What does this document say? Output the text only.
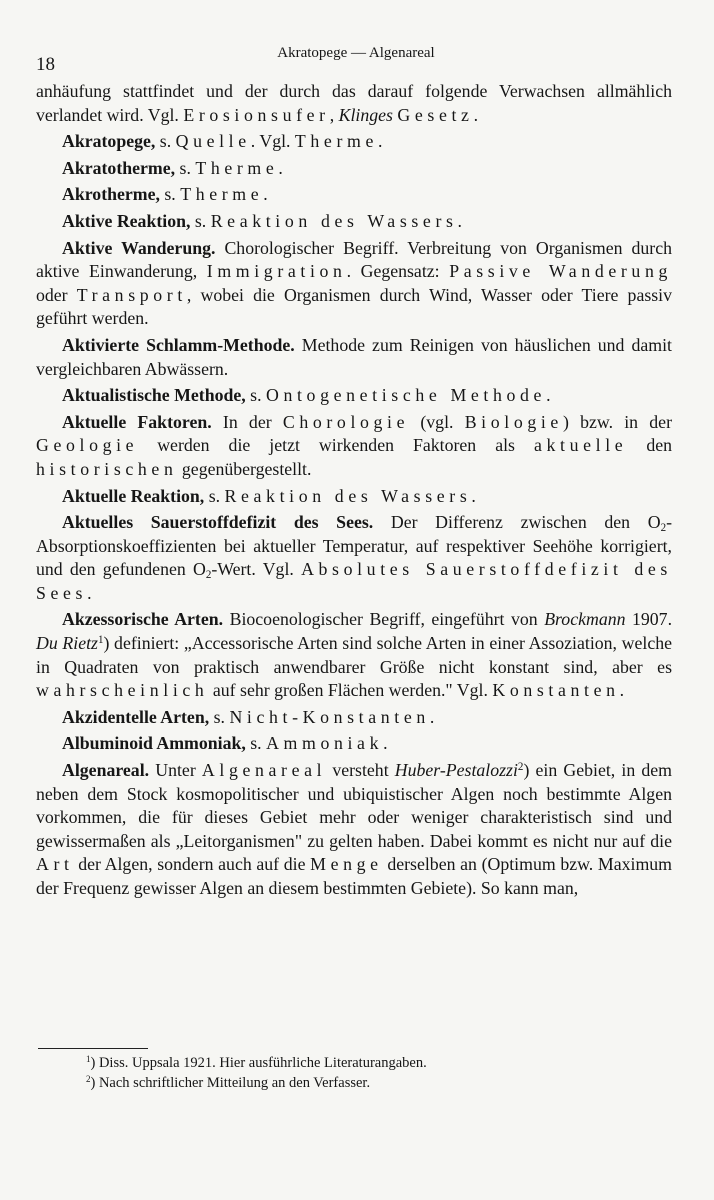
18
Akratopege — Algenareal

anhäufung stattfindet und der durch das darauf folgende Verwachsen allmählich verlandet wird. Vgl. Erosionsufer, Klinges Gesetz.

Akratopege, s. Quelle. Vgl. Therme.

Akratotherme, s. Therme.

Akrotherme, s. Therme.

Aktive Reaktion, s. Reaktion des Wassers.

Aktive Wanderung. Chorologischer Begriff. Verbreitung von Organismen durch aktive Einwanderung, Immigration. Gegensatz: Passive Wanderung oder Transport, wobei die Organismen durch Wind, Wasser oder Tiere passiv geführt werden.

Aktivierte Schlamm-Methode. Methode zum Reinigen von häuslichen und damit vergleichbaren Abwässern.

Aktualistische Methode, s. Ontogenetische Methode.

Aktuelle Faktoren. In der Chorologie (vgl. Biologie) bzw. in der Geologie werden die jetzt wirkenden Faktoren als aktuelle den historischen gegenübergestellt.

Aktuelle Reaktion, s. Reaktion des Wassers.

Aktuelles Sauerstoffdefizit des Sees. Der Differenz zwischen den $O_2$-Absorptionskoeffizienten bei aktueller Temperatur, auf respektiver Seehöhe korrigiert, und den gefundenen $O_2$-Wert. Vgl. Absolutes Sauerstoffdefizit des Sees.

Akzessorische Arten. Biocoenologischer Begriff, eingeführt von Brockmann 1907. Du Rietz$^1$) definiert: „Accessorische Arten sind solche Arten in einer Assoziation, welche in Quadraten von praktisch anwendbarer Größe nicht konstant sind, aber es wahrscheinlich auf sehr großen Flächen werden." Vgl. Konstanten.

Akzidentelle Arten, s. Nicht-Konstanten.

Albuminoid Ammoniak, s. Ammoniak.

Algenareal. Unter Algenareal versteht Huber-Pestalozzi$^2$) ein Gebiet, in dem neben dem Stock kosmopolitischer und ubiquistischer Algen noch bestimmte Algen vorkommen, die für dieses Gebiet mehr oder weniger charakteristisch sind und gewissermaßen als „Leitorganismen" zu gelten haben. Dabei kommt es nicht nur auf die Art der Algen, sondern auch auf die Menge derselben an (Optimum bzw. Maximum der Frequenz gewisser Algen an diesem bestimmten Gebiete). So kann man,

$^1$) Diss. Uppsala 1921. Hier ausführliche Literaturangaben.
$^2$) Nach schriftlicher Mitteilung an den Verfasser.
